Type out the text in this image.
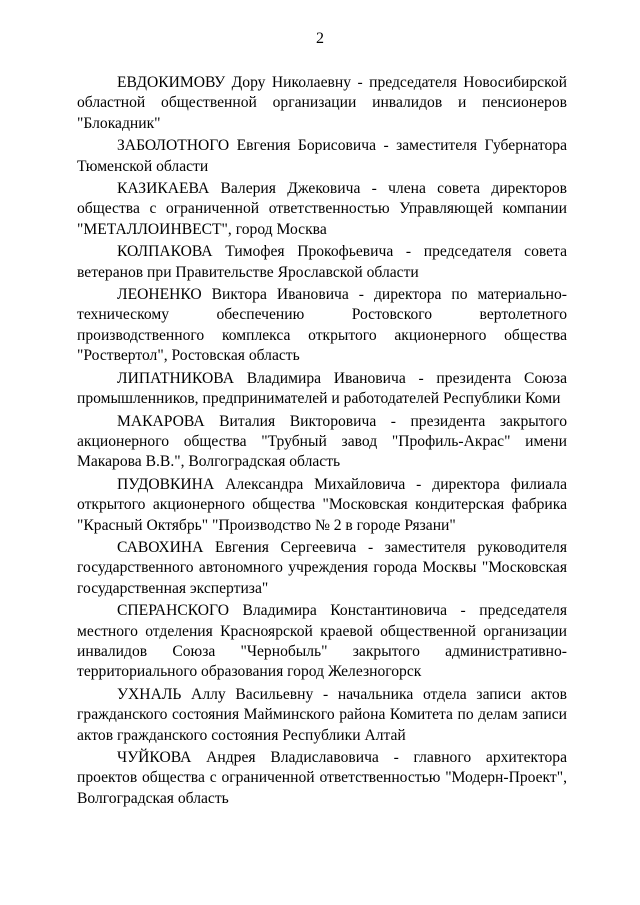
2

ЕВДОКИМОВУ Дору Николаевну - председателя Новосибирской областной общественной организации инвалидов и пенсионеров "Блокадник"

ЗАБОЛОТНОГО Евгения Борисовича - заместителя Губернатора Тюменской области

КАЗИКАЕВА Валерия Джековича - члена совета директоров общества с ограниченной ответственностью Управляющей компании "МЕТАЛЛОИНВЕСТ", город Москва

КОЛПАКОВА Тимофея Прокофьевича - председателя совета ветеранов при Правительстве Ярославской области

ЛЕОНЕНКО Виктора Ивановича - директора по материально-техническому обеспечению Ростовского вертолетного производственного комплекса открытого акционерного общества "Роствертол", Ростовская область

ЛИПАТНИКОВА Владимира Ивановича - президента Союза промышленников, предпринимателей и работодателей Республики Коми

МАКАРОВА Виталия Викторовича - президента закрытого акционерного общества "Трубный завод "Профиль-Акрас" имени Макарова В.В.", Волгоградская область

ПУДОВКИНА Александра Михайловича - директора филиала открытого акционерного общества "Московская кондитерская фабрика "Красный Октябрь" "Производство № 2 в городе Рязани"

САВОХИНА Евгения Сергеевича - заместителя руководителя государственного автономного учреждения города Москвы "Московская государственная экспертиза"

СПЕРАНСКОГО Владимира Константиновича - председателя местного отделения Красноярской краевой общественной организации инвалидов Союза "Чернобыль" закрытого административно-территориального образования город Железногорск

УХНАЛЬ Аллу Васильевну - начальника отдела записи актов гражданского состояния Майминского района Комитета по делам записи актов гражданского состояния Республики Алтай

ЧУЙКОВА Андрея Владиславовича - главного архитектора проектов общества с ограниченной ответственностью "Модерн-Проект", Волгоградская область
